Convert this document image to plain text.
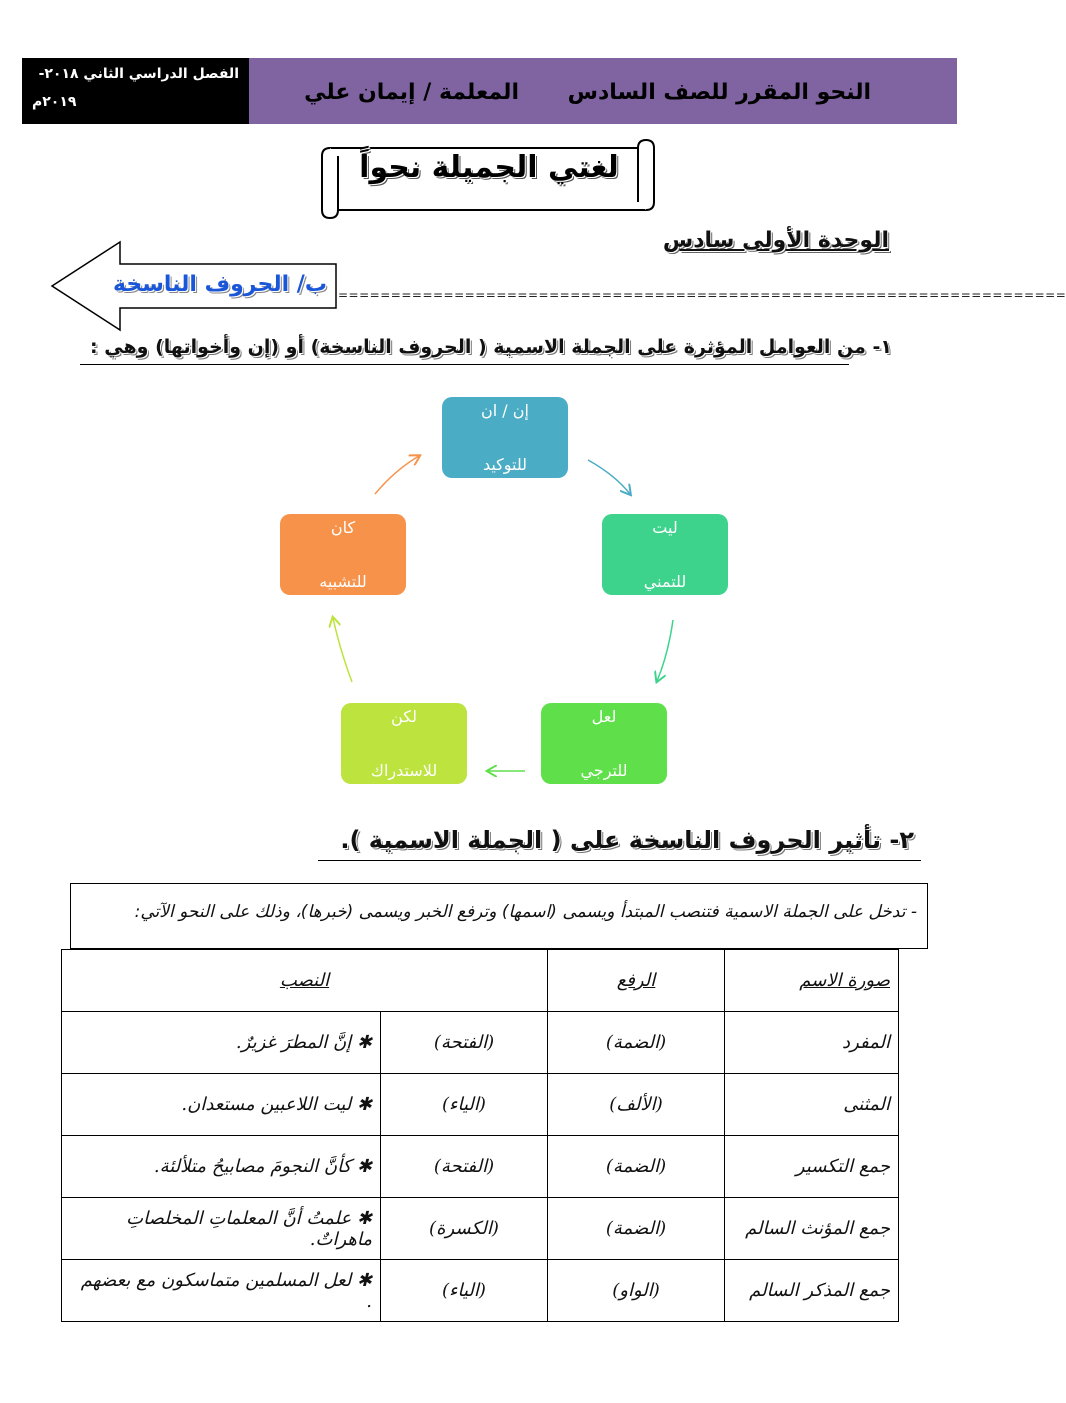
الفصل الدراسي الثاني ٢٠١٨-
٢٠١٩م	النحو المقرر للصف السادس
المعلمة / إيمان علي
لغتي الجميلة نحواً
الوحدة الأولى سادس
ب/ الحروف الناسخة =====================================================================
١- من العوامل المؤثرة على الجملة الاسمية ( الحروف الناسخة) أو (إن وأخواتها) وهي :
إن / ان
للتوكيد
ليت
للتمني
لعل
للترجي
لكن
للاستدراك
كان
للتشبيه
٢- تأثير الحروف الناسخة على ( الجملة الاسمية ).
- تدخل على الجملة الاسمية فتنصب المبتدأ ويسمى (اسمها) وترفع الخبر ويسمى (خبرها)، وذلك على النحو الآتي:
صورة الاسم	الرفع	النصب	
المفرد	(الضمة)	(الفتحة)	✱ إنَّ المطرَ غزيرٌ.
المثنى	(الألف)	(الياء)	✱ ليت اللاعبين مستعدان.
جمع التكسير	(الضمة)	(الفتحة)	✱ كأنَّ النجومَ مصابيحُ متلألئة.
جمع المؤنث السالم	(الضمة)	(الكسرة)	✱ علمتُ أنَّ المعلماتِ المخلصاتِ ماهراتٌ.
جمع المذكر السالم	(الواو)	(الياء)	✱ لعل المسلمين متماسكون مع بعضهم .
